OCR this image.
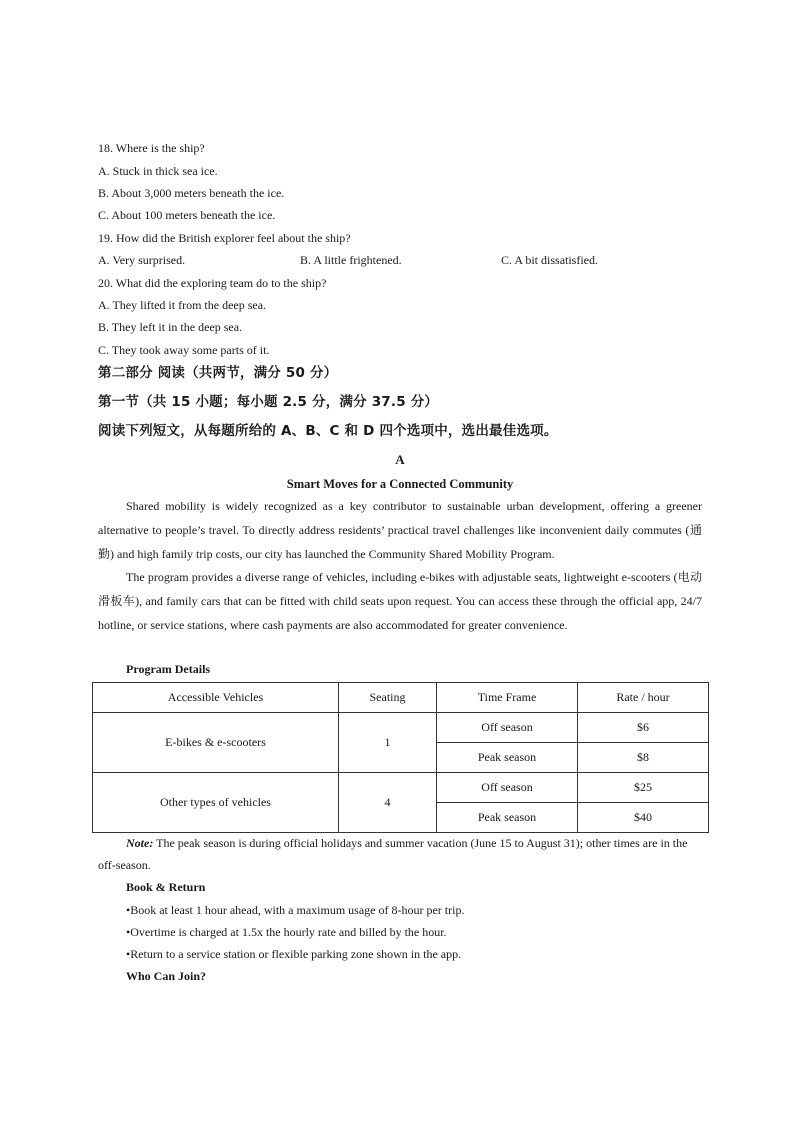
18. Where is the ship?
A. Stuck in thick sea ice.
B. About 3,000 meters beneath the ice.
C. About 100 meters beneath the ice.
19. How did the British explorer feel about the ship?
A. Very surprised.	B. A little frightened.	C. A bit dissatisfied.
20. What did the exploring team do to the ship?
A. They lifted it from the deep sea.
B. They left it in the deep sea.
C. They took away some parts of it.
第二部分 阅读（共两节，满分 50 分）
第一节（共 15 小题；每小题 2.5 分，满分 37.5 分）
阅读下列短文，从每题所给的 A、B、C 和 D 四个选项中，选出最佳选项。
A
Smart Moves for a Connected Community

Shared mobility is widely recognized as a key contributor to sustainable urban development, offering a greener alternative to people’s travel. To directly address residents’ practical travel challenges like inconvenient daily commutes (通勤) and high family trip costs, our city has launched the Community Shared Mobility Program.

The program provides a diverse range of vehicles, including e-bikes with adjustable seats, lightweight e-scooters (电动滑板车), and family cars that can be fitted with child seats upon request. You can access these through the official app, 24/7 hotline, or service stations, where cash payments are also accommodated for greater convenience.

Program Details
Accessible Vehicles	Seating	Time Frame	Rate / hour
E-bikes & e-scooters	1	Off season	$6
		Peak season	$8
Other types of vehicles	4	Off season	$25
		Peak season	$40

Note: The peak season is during official holidays and summer vacation (June 15 to August 31); other times are in the off-season.

Book & Return
•Book at least 1 hour ahead, with a maximum usage of 8-hour per trip.
•Overtime is charged at 1.5x the hourly rate and billed by the hour.
•Return to a service station or flexible parking zone shown in the app.
Who Can Join?
